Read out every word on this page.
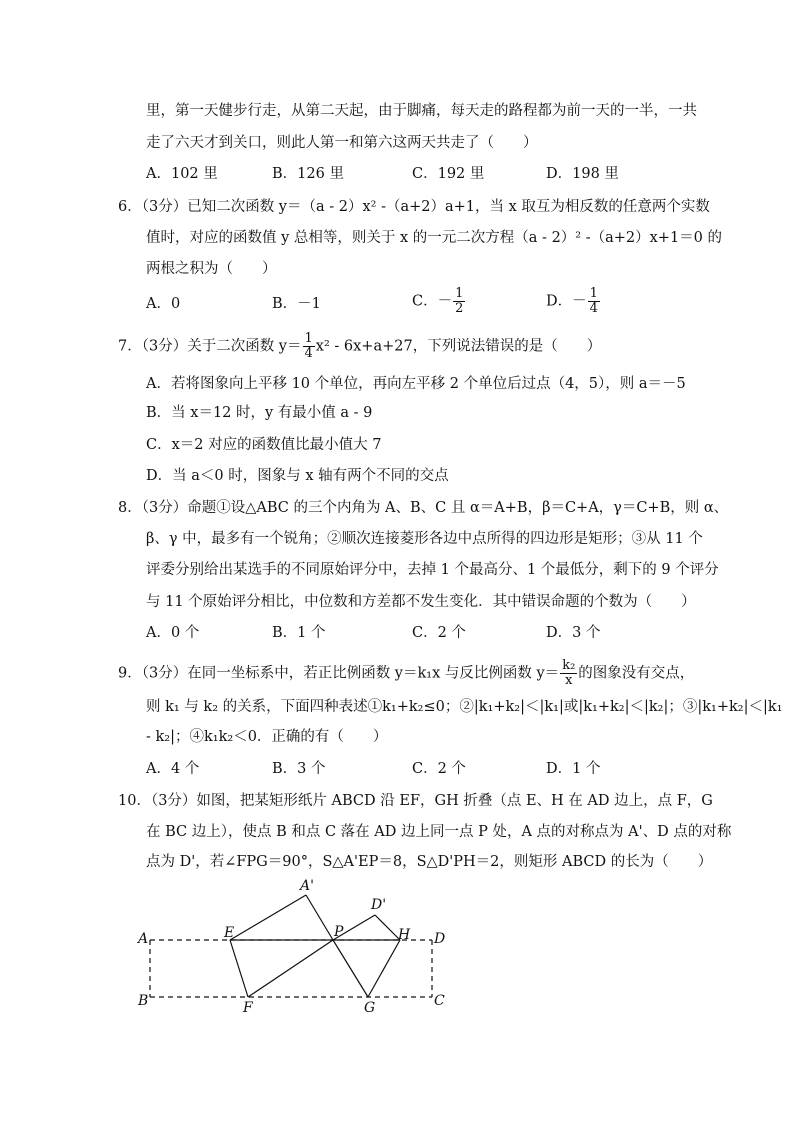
里，第一天健步行走，从第二天起，由于脚痛，每天走的路程都为前一天的一半，一共
走了六天才到关口，则此人第一和第六这两天共走了（　　）
A．102 里	B．126 里	C．192 里	D．198 里
6．（3分）已知二次函数 y＝（a - 2）x² -（a+2）a+1，当 x 取互为相反数的任意两个实数
值时，对应的函数值 y 总相等，则关于 x 的一元二次方程（a - 2）² -（a+2）x+1＝0 的
两根之积为（　　）
A．0	B．－1	C．－ $\frac{1}{2}$	D．－ $\frac{1}{4}$
7．（3分）关于二次函数 $y= \frac{1}{4} x^2 - 6x+a+27$，下列说法错误的是（　　）
A．若将图象向上平移 10 个单位，再向左平移 2 个单位后过点（4，5），则 a＝－5
B．当 x＝12 时，y 有最小值 a - 9
C．x＝2 对应的函数值比最小值大 7
D．当 a＜0 时，图象与 x 轴有两个不同的交点
8．（3分）命题①设△ABC 的三个内角为 A、B、C 且 α＝A+B，β＝C+A，γ＝C+B，则 α、
β、γ 中，最多有一个锐角；②顺次连接菱形各边中点所得的四边形是矩形；③从 11 个
评委分别给出某选手的不同原始评分中，去掉 1 个最高分、1 个最低分，剩下的 9 个评分
与 11 个原始评分相比，中位数和方差都不发生变化．其中错误命题的个数为（　　）
A．0 个	B．1 个	C．2 个	D．3 个
9．（3分）在同一坐标系中，若正比例函数 y＝k₁x 与反比例函数 $y= \frac{\text{k₂}}{x}$ 的图象没有交点，
则 k₁ 与 k₂ 的关系，下面四种表述①k₁+k₂≤0；②|k₁+k₂|＜|k₁|或|k₁+k₂|＜|k₂|；③|k₁+k₂|＜|k₁
- k₂|；④k₁k₂＜0．正确的有（　　）
A．4 个	B．3 个	C．2 个	D．1 个
10．（3分）如图，把某矩形纸片 ABCD 沿 EF，GH 折叠（点 E、H 在 AD 边上，点 F，G
在 BC 边上），使点 B 和点 C 落在 AD 边上同一点 P 处，A 点的对称点为 A'、D 点的对称
点为 D'，若∠FPG＝90°，S△A'EP＝8，S△D'PH＝2，则矩形 ABCD 的长为（　　）
A'
D'
A	E	P	H D
B	F	G	C
